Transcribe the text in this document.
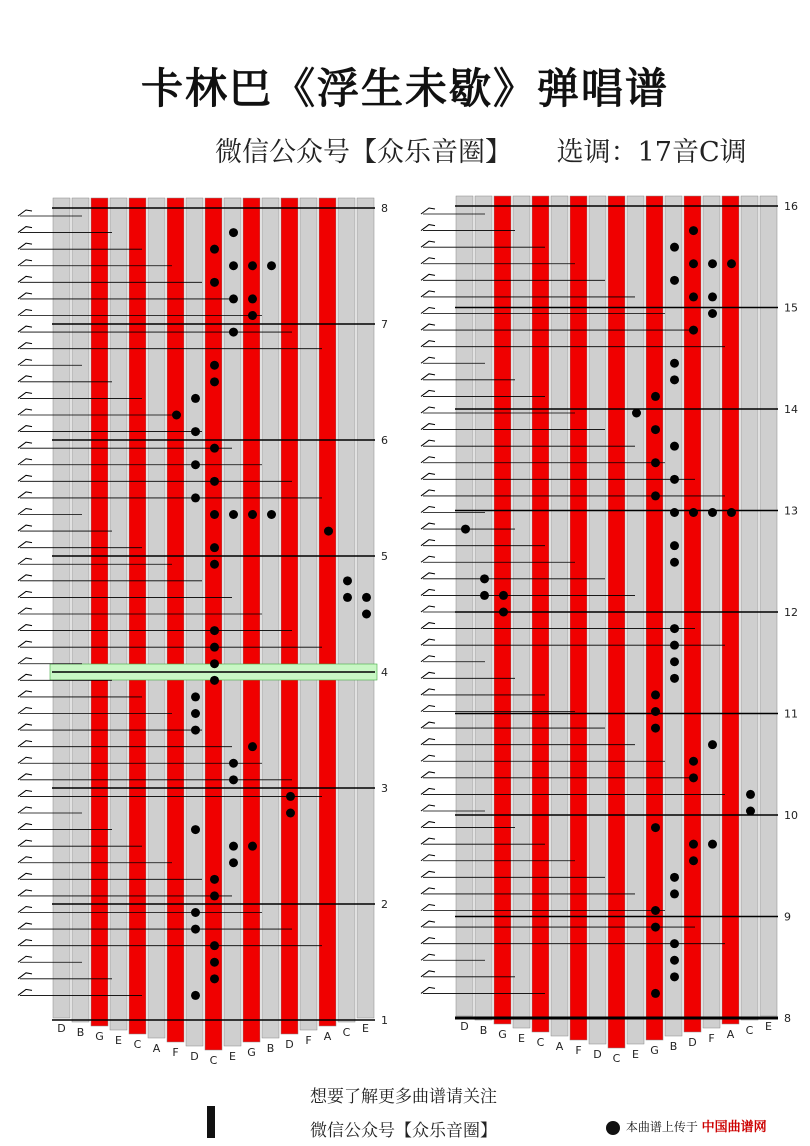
卡林巴《浮生未歇》弹唱谱
微信公众号【众乐音圈】 选调：17音C调
D B G E C A F D C E G B D F A C E
8
7
6
5
4
3
2
1	D B G E C A F D C E G B D F A C E
16
15
14
13
12
11
10
9
8
想要了解更多曲谱请关注
微信公众号【众乐音圈】	本曲谱上传于 中国曲谱网
